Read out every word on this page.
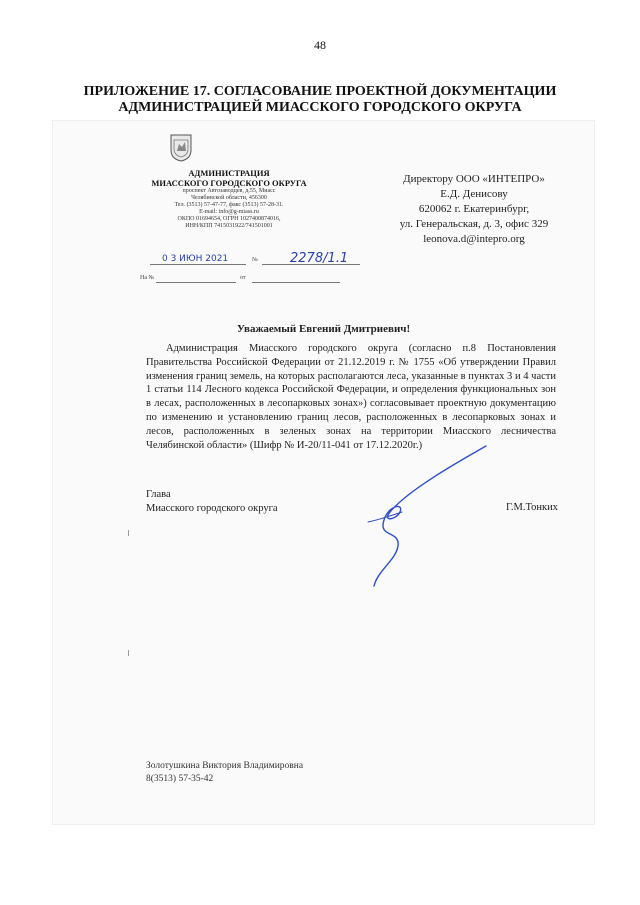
48
ПРИЛОЖЕНИЕ 17. СОГЛАСОВАНИЕ ПРОЕКТНОЙ ДОКУМЕНТАЦИИ
АДМИНИСТРАЦИЕЙ МИАССКОГО ГОРОДСКОГО ОКРУГА
АДМИНИСТРАЦИЯ
МИАССКОГО ГОРОДСКОГО ОКРУГА
проспект Автозаводцев, д.55, Миасс
Челябинской области, 456300
Тел. (3513) 57-47-77, факс (3513) 57-28-31.
E-mail: info@g-miass.ru
ОКПО 01694654, ОГРН 1027400874016,
ИНН/КПП 7415031922/741501001
Директору ООО «ИНТЕПРО»
Е.Д. Денисову
620062 г. Екатеринбург,
ул. Генеральская, д. 3, офис 329
leonova.d@intepro.org
0 3 ИЮН 2021	№ 2278/1.1
На №	от
Уважаемый Евгений Дмитриевич!

Администрация Миасского городского округа (согласно п.8 Постановления Правительства Российской Федерации от 21.12.2019 г. № 1755 «Об утверждении Правил изменения границ земель, на которых располагаются леса, указанные в пунктах 3 и 4 части 1 статьи 114 Лесного кодекса Российской Федерации, и определения функциональных зон в лесах, расположенных в лесопарковых зонах») согласовывает проектную документацию по изменению и установлению границ лесов, расположенных в лесопарковых зонах и лесов, расположенных в зеленых зонах на территории Миасского лесничества Челябинской области» (Шифр № И-20/11-041 от 17.12.2020г.)

Глава
Миасского городского округа	Г.М.Тонких
Золотушкина Виктория Владимировна
8(3513) 57-35-42
